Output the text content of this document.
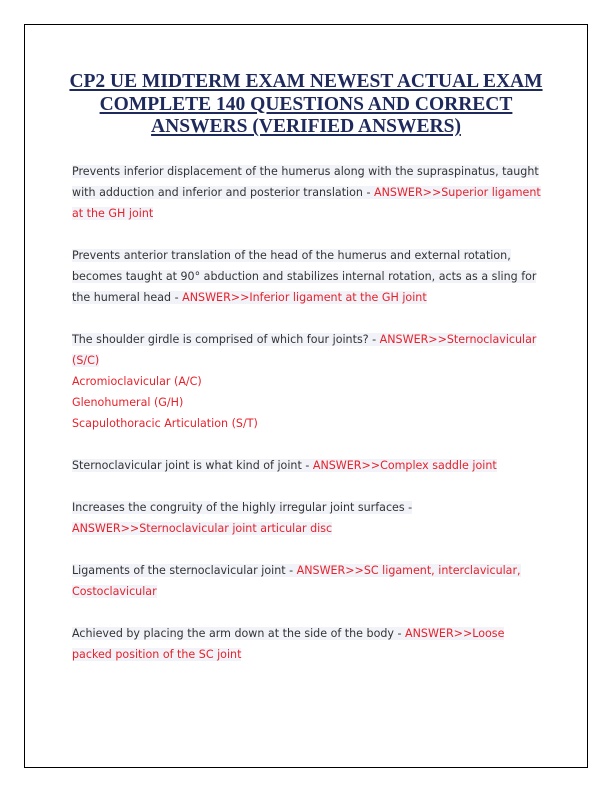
CP2 UE MIDTERM EXAM NEWEST ACTUAL EXAM COMPLETE 140 QUESTIONS AND CORRECT ANSWERS (VERIFIED ANSWERS)

Prevents inferior displacement of the humerus along with the supraspinatus, taught with adduction and inferior and posterior translation - ANSWER>>Superior ligament at the GH joint

Prevents anterior translation of the head of the humerus and external rotation, becomes taught at 90° abduction and stabilizes internal rotation, acts as a sling for the humeral head - ANSWER>>Inferior ligament at the GH joint

The shoulder girdle is comprised of which four joints? - ANSWER>>Sternoclavicular (S/C)
Acromioclavicular (A/C)
Glenohumeral (G/H)
Scapulothoracic Articulation (S/T)

Sternoclavicular joint is what kind of joint - ANSWER>>Complex saddle joint

Increases the congruity of the highly irregular joint surfaces - ANSWER>>Sternoclavicular joint articular disc

Ligaments of the sternoclavicular joint - ANSWER>>SC ligament, interclavicular, Costoclavicular

Achieved by placing the arm down at the side of the body - ANSWER>>Loose packed position of the SC joint
